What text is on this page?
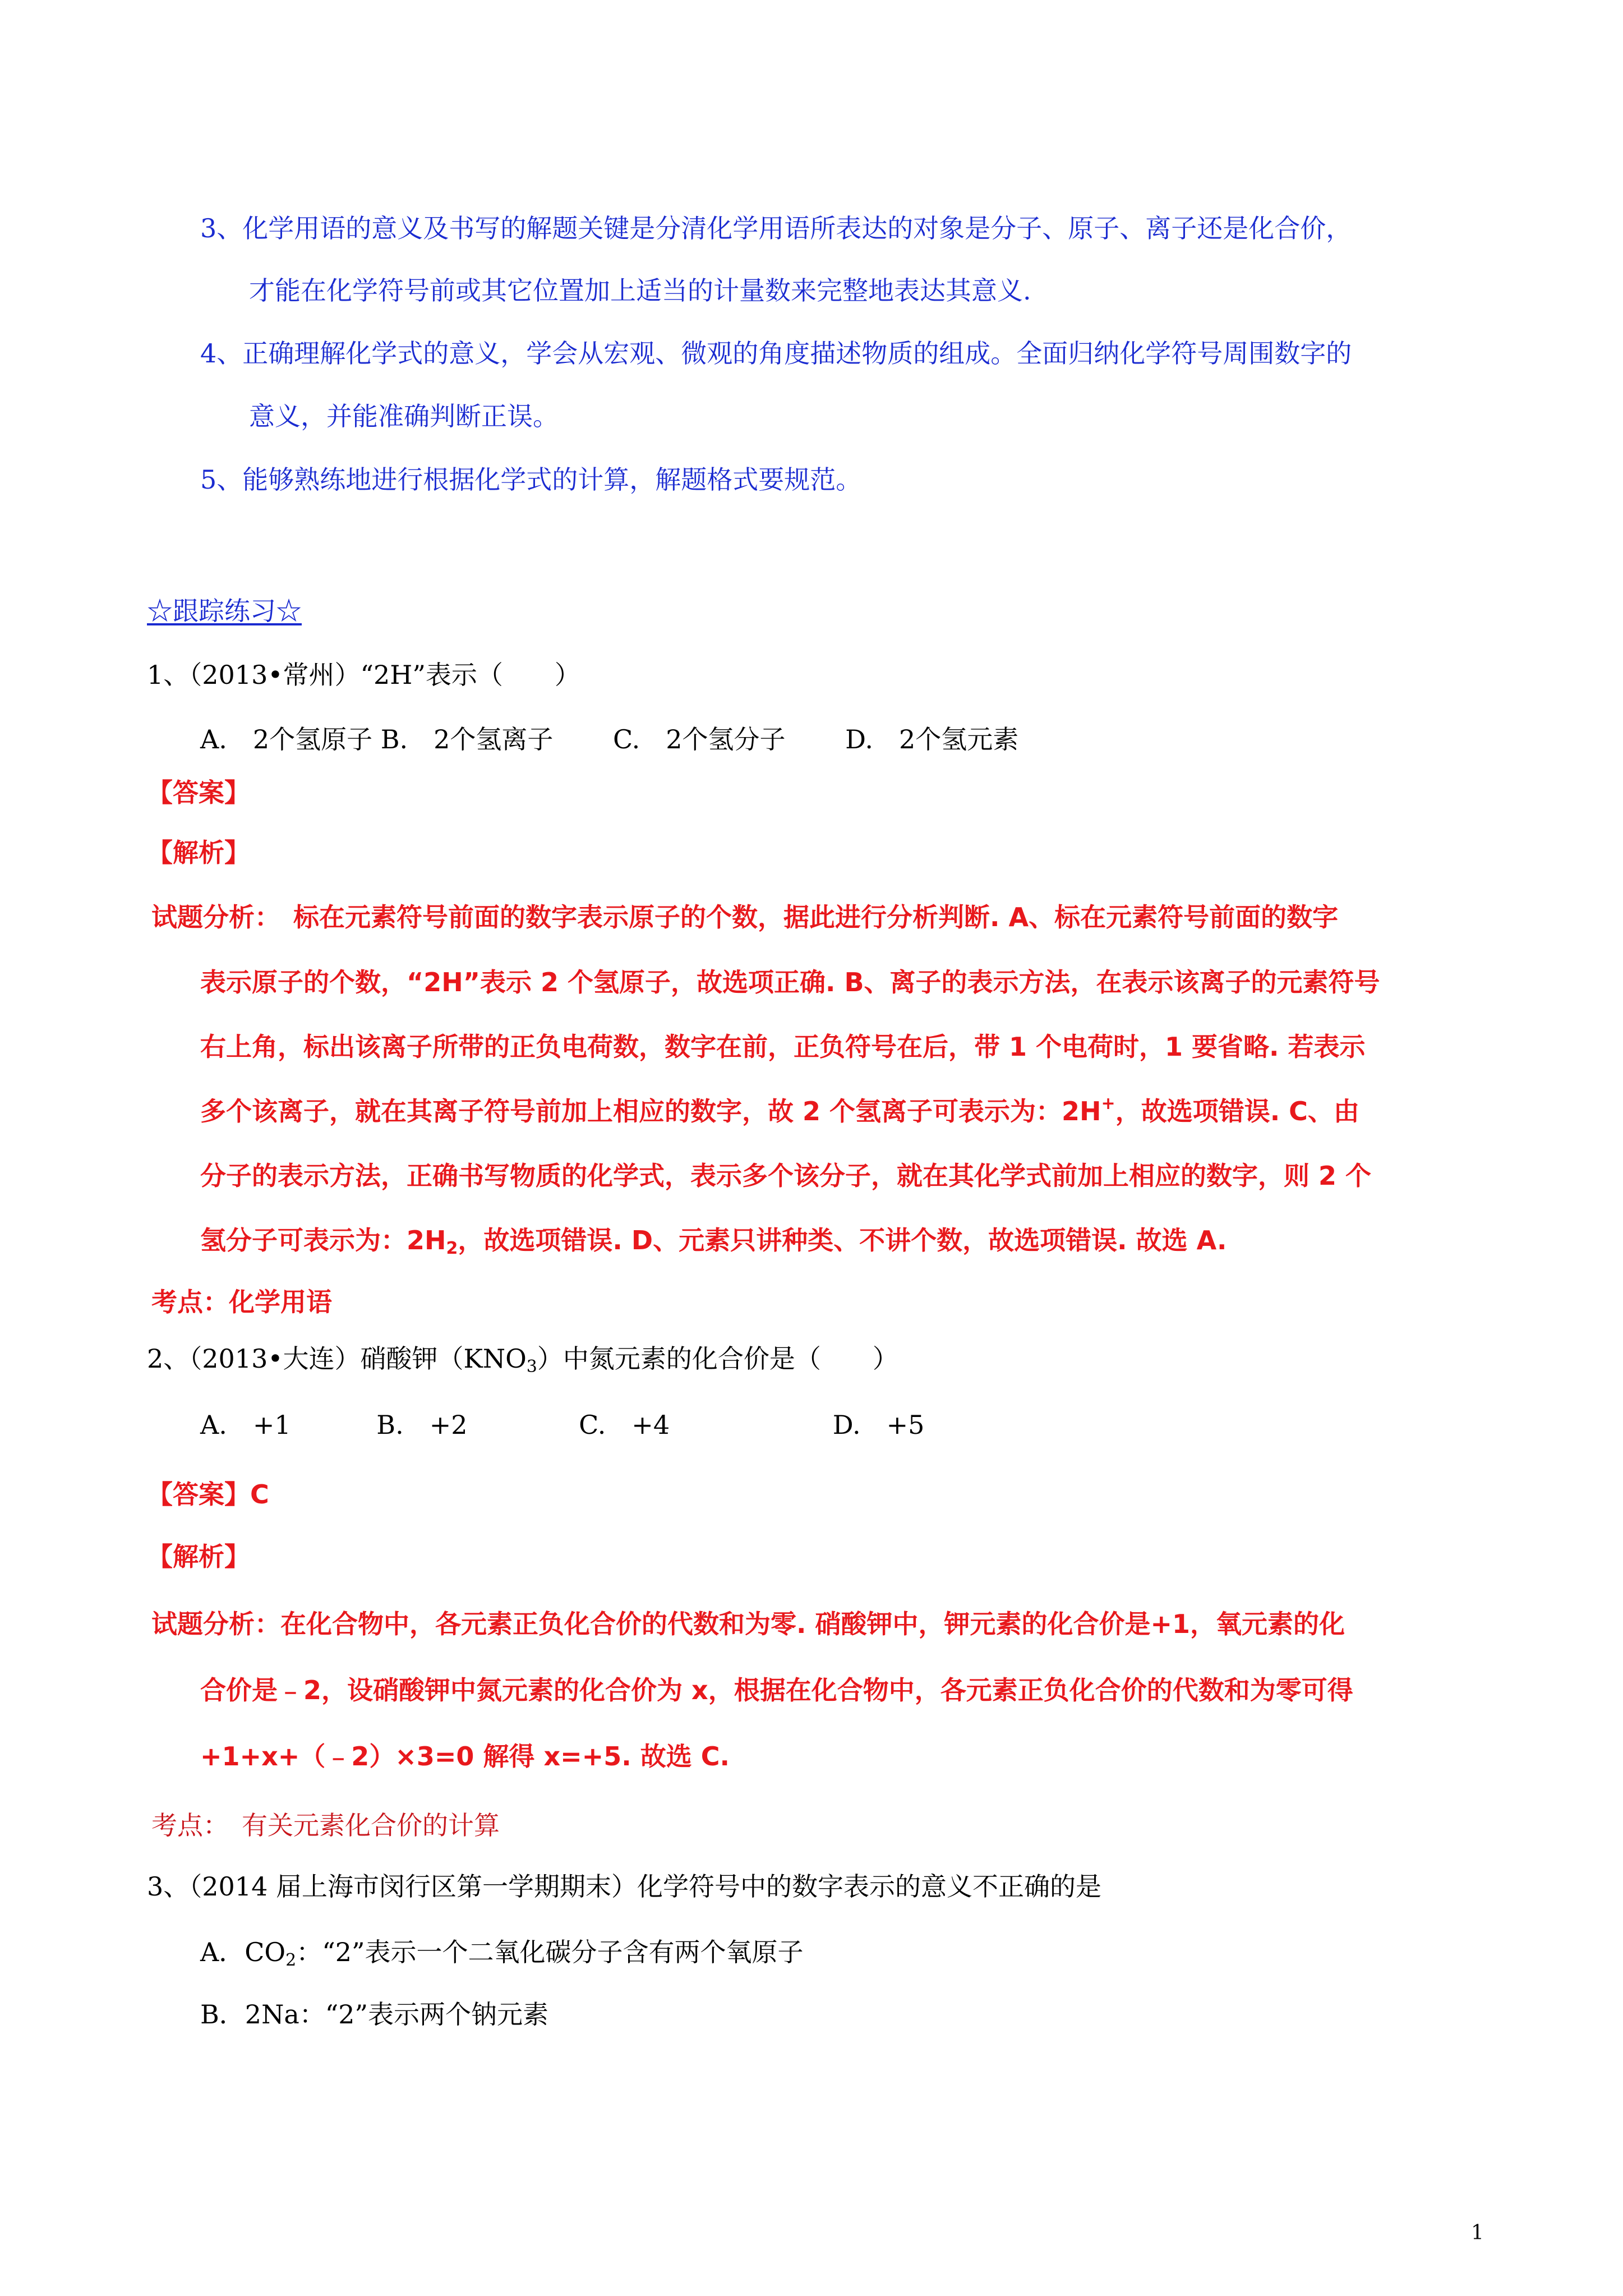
3、化学用语的意义及书写的解题关键是分清化学用语所表达的对象是分子、原子、离子还是化合价，
才能在化学符号前或其它位置加上适当的计量数来完整地表达其意义.
4、正确理解化学式的意义，学会从宏观、微观的角度描述物质的组成。全面归纳化学符号周围数字的
意义，并能准确判断正误。
5、能够熟练地进行根据化学式的计算，解题格式要规范。
☆跟踪练习☆
1、（2013•常州）“2H”表示（　　）
A.　2个氢原子 B.　2个氢离子　　 C.　2个氢分子　　 D.　2个氢元素
【答案】
【解析】
试题分析：　标在元素符号前面的数字表示原子的个数，据此进行分析判断. A、标在元素符号前面的数字
表示原子的个数，“2H”表示 2 个氢原子，故选项正确. B、离子的表示方法，在表示该离子的元素符号
右上角，标出该离子所带的正负电荷数，数字在前，正负符号在后，带 1 个电荷时，1 要省略. 若表示
多个该离子，就在其离子符号前加上相应的数字，故 2 个氢离子可表示为：2H+，故选项错误. C、由
分子的表示方法，正确书写物质的化学式，表示多个该分子，就在其化学式前加上相应的数字，则 2 个
氢分子可表示为：$2H_2$，故选项错误. D、元素只讲种类、不讲个数，故选项错误. 故选 A.
考点：化学用语
2、（2013•大连）硝酸钾$(KNO_3)$中氮元素的化合价是（　　）
A.　+1　　　 B.　+2　　　　 C.　+4　　　　　　 D.　+5
【答案】C
【解析】
试题分析：在化合物中，各元素正负化合价的代数和为零. 硝酸钾中，钾元素的化合价是+1，氧元素的化
合价是﹣2，设硝酸钾中氮元素的化合价为 x，根据在化合物中，各元素正负化合价的代数和为零可得
+1+x+（﹣2）×3=0 解得 x=+5. 故选 C.
考点：　有关元素化合价的计算
3、（2014 届上海市闵行区第一学期期末）化学符号中的数字表示的意义不正确的是
A．$CO_2$：“2”表示一个二氧化碳分子含有两个氧原子
B．2Na：“2”表示两个钠元素
1
